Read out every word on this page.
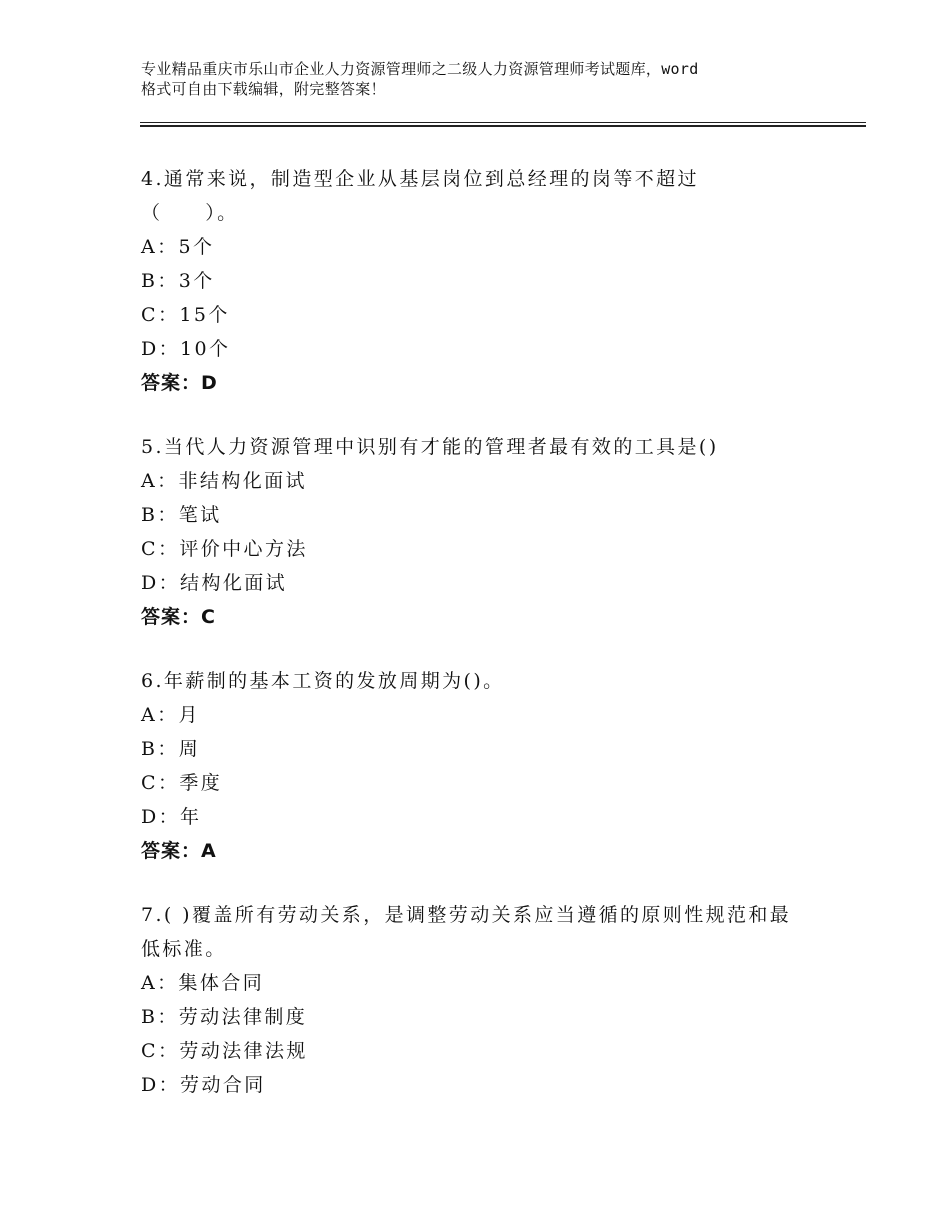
专业精品重庆市乐山市企业人力资源管理师之二级人力资源管理师考试题库，word
格式可自由下载编辑，附完整答案！
4.通常来说，制造型企业从基层岗位到总经理的岗等不超过
（　　）。
A：5个
B：3个
C：15个
D：10个
答案：D
5.当代人力资源管理中识别有才能的管理者最有效的工具是()
A：非结构化面试
B：笔试
C：评价中心方法
D：结构化面试
答案：C
6.年薪制的基本工资的发放周期为()。
A：月
B：周
C：季度
D：年
答案：A
7.( )覆盖所有劳动关系，是调整劳动关系应当遵循的原则性规范和最
低标准。
A：集体合同
B：劳动法律制度
C：劳动法律法规
D：劳动合同
